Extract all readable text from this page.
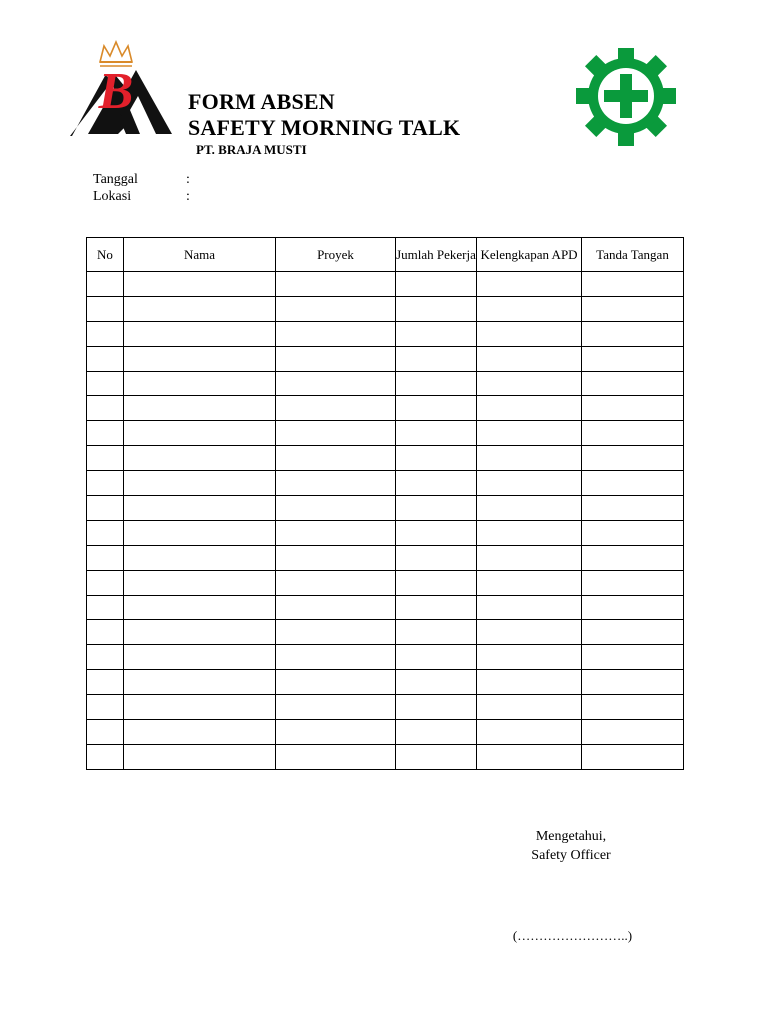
B FORM ABSEN
SAFETY MORNING TALK
PT. BRAJA MUSTI
Tanggal	:
Lokasi	:
No	Nama	Proyek	Jumlah Pekerja	Kelengkapan APD	Tanda Tangan

Mengetahui,
Safety Officer
(……………………..)
